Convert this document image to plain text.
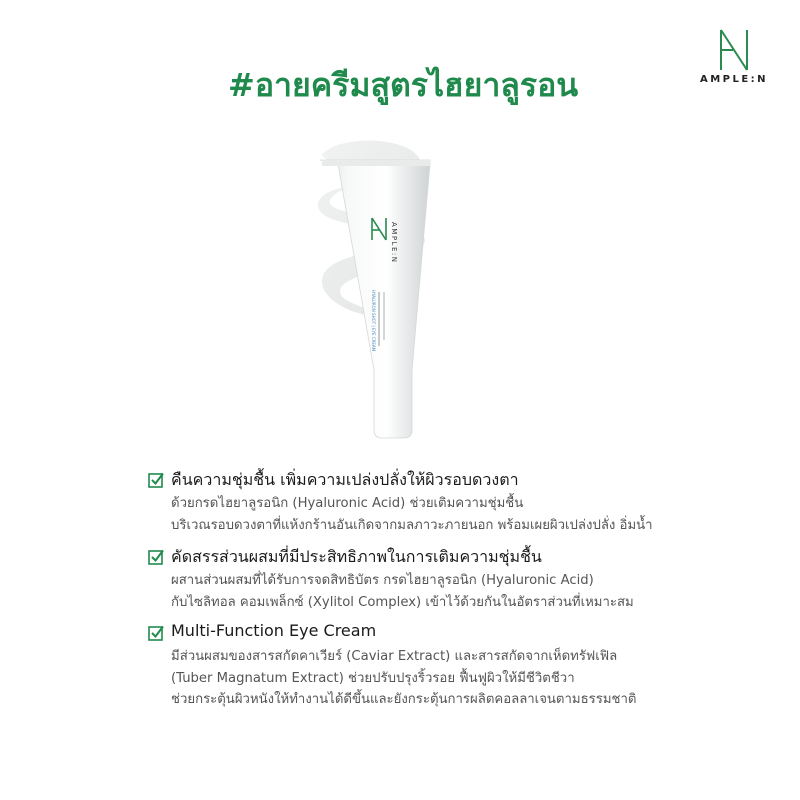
#อายครีมสูตรไฮยาลูรอน	AMPLE:N
AMPLE:N
HYALURON SHOT | EYE CREAM
คืนความชุ่มชื้น เพิ่มความเปล่งปลั่งให้ผิวรอบดวงตา
ด้วยกรดไฮยาลูรอนิก (Hyaluronic Acid) ช่วยเติมความชุ่มชื้น
บริเวณรอบดวงตาที่แห้งกร้านอันเกิดจากมลภาวะภายนอก พร้อมเผยผิวเปล่งปลั่ง อิ่มน้ำ
คัดสรรส่วนผสมที่มีประสิทธิภาพในการเติมความชุ่มชื้น
ผสานส่วนผสมที่ได้รับการจดสิทธิบัตร กรดไฮยาลูรอนิก (Hyaluronic Acid)
กับไซลิทอล คอมเพล็กซ์ (Xylitol Complex) เข้าไว้ด้วยกันในอัตราส่วนที่เหมาะสม
Multi-Function Eye Cream
มีส่วนผสมของสารสกัดคาเวียร์ (Caviar Extract) และสารสกัดจากเห็ดทรัฟเฟิล
(Tuber Magnatum Extract) ช่วยปรับปรุงริ้วรอย ฟื้นฟูผิวให้มีชีวิตชีวา
ช่วยกระตุ้นผิวหนังให้ทำงานได้ดีขึ้นและยังกระตุ้นการผลิตคอลลาเจนตามธรรมชาติ
